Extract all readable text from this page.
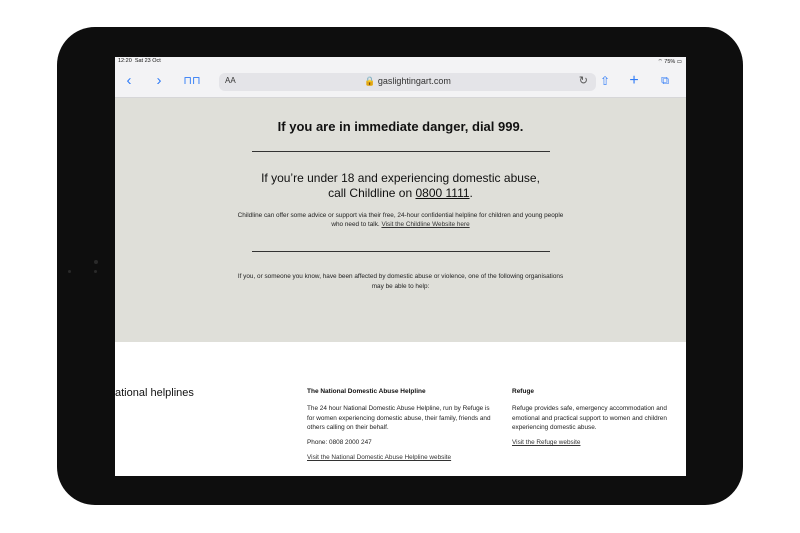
12:20 Sat 23 Oct	⌔ 75% ▭
‹	›	⊓⊓	AA	🔒 gaslightingart.com	↻ ⇧ +	⧉
If you are in immediate danger, dial 999.
If you’re under 18 and experiencing domestic abuse,
call Childline on 0800 1111.
Childline can offer some advice or support via their free, 24-hour confidential helpline for children and young people who need to talk. Visit the Childline Website here
If you, or someone you know, have been affected by domestic abuse or violence, one of the following organisations may be able to help:
ational helplines	The National Domestic Abuse Helpline

The 24 hour National Domestic Abuse Helpline, run by Refuge is for women experiencing domestic abuse, their family, friends and others calling on their behalf.

Phone: 0808 2000 247

Visit the National Domestic Abuse Helpline website

Refuge

Refuge provides safe, emergency accommodation and emotional and practical support to women and children experiencing domestic abuse.

Visit the Refuge website
